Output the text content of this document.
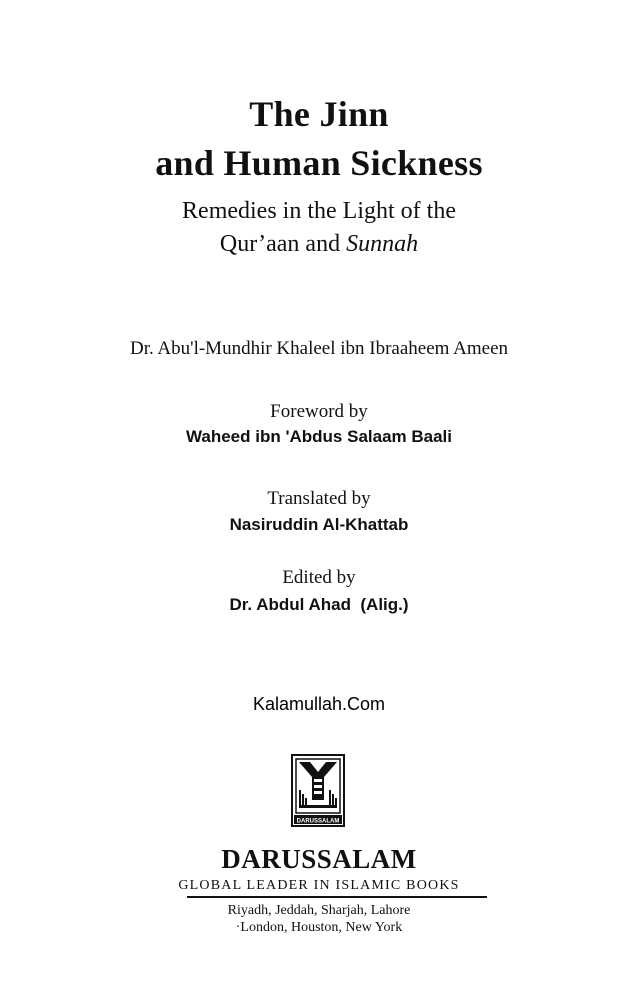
The Jinn
and Human Sickness
Remedies in the Light of the
Qur’aan and Sunnah
Dr. Abu'l-Mundhir Khaleel ibn Ibraaheem Ameen
Foreword by
Waheed ibn 'Abdus Salaam Baali
Translated by
Nasiruddin Al-Khattab
Edited by
Dr. Abdul Ahad  (Alig.)
Kalamullah.Com
DARUSSALAM
DARUSSALAM
GLOBAL LEADER IN ISLAMIC BOOKS
Riyadh, Jeddah, Sharjah, Lahore
·London, Houston, New York
